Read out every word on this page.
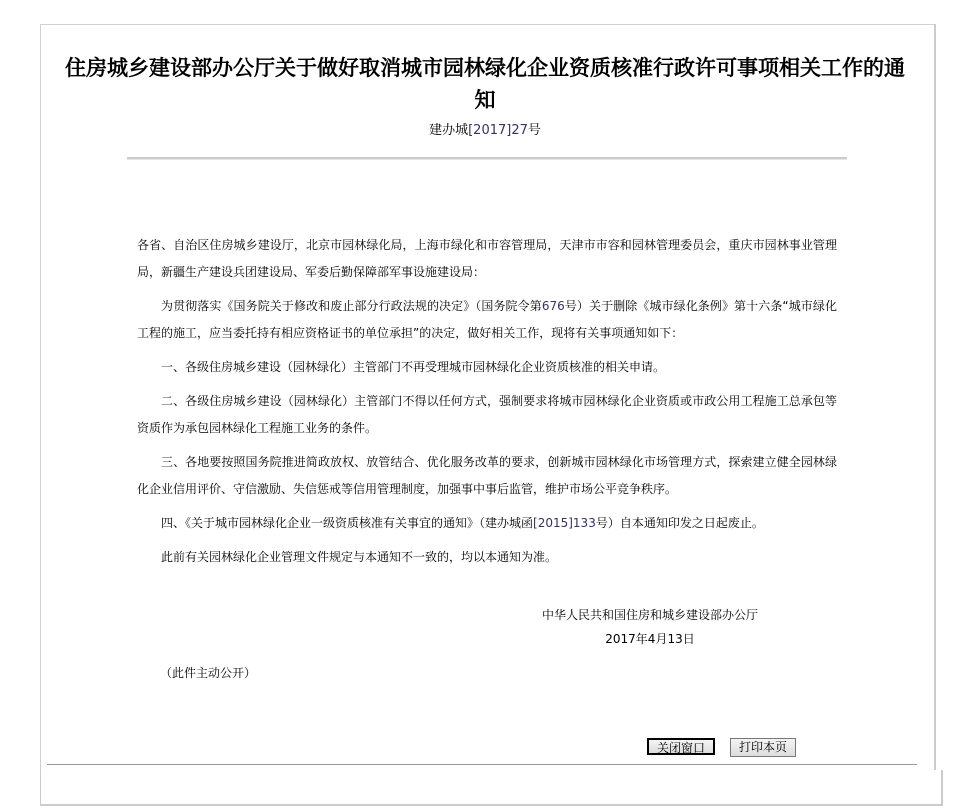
住房城乡建设部办公厅关于做好取消城市园林绿化企业资质核准行政许可事项相关工作的通知
建办城[2017]27号

各省、自治区住房城乡建设厅，北京市园林绿化局，上海市绿化和市容管理局，天津市市容和园林管理委员会，重庆市园林事业管理局，新疆生产建设兵团建设局、军委后勤保障部军事设施建设局：

为贯彻落实《国务院关于修改和废止部分行政法规的决定》（国务院令第676号）关于删除《城市绿化条例》第十六条“城市绿化工程的施工，应当委托持有相应资格证书的单位承担”的决定，做好相关工作，现将有关事项通知如下：

一、各级住房城乡建设（园林绿化）主管部门不再受理城市园林绿化企业资质核准的相关申请。

二、各级住房城乡建设（园林绿化）主管部门不得以任何方式，强制要求将城市园林绿化企业资质或市政公用工程施工总承包等资质作为承包园林绿化工程施工业务的条件。

三、各地要按照国务院推进简政放权、放管结合、优化服务改革的要求，创新城市园林绿化市场管理方式，探索建立健全园林绿化企业信用评价、守信激励、失信惩戒等信用管理制度，加强事中事后监管，维护市场公平竞争秩序。

四、《关于城市园林绿化企业一级资质核准有关事宜的通知》（建办城函[2015]133号）自本通知印发之日起废止。

此前有关园林绿化企业管理文件规定与本通知不一致的，均以本通知为准。

中华人民共和国住房和城乡建设部办公厅
2017年4月13日
（此件主动公开）
关闭窗口	打印本页
